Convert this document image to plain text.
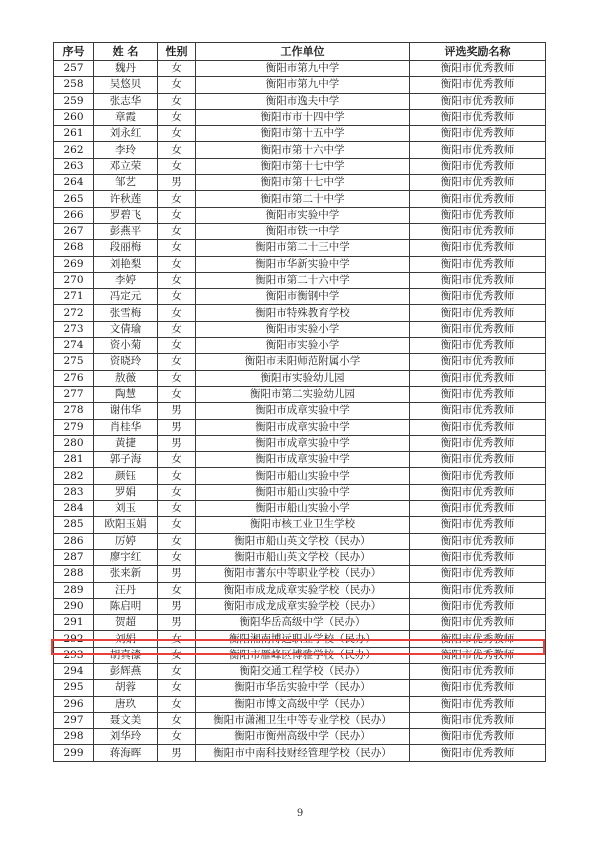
序号	姓 名	性别	工作单位	评选奖励名称
257	魏丹	女	衡阳市第九中学	衡阳市优秀教师
258	吴悠贝	女	衡阳市第九中学	衡阳市优秀教师
259	张志华	女	衡阳市逸夫中学	衡阳市优秀教师
260	章霞	女	衡阳市市十四中学	衡阳市优秀教师
261	刘永红	女	衡阳市第十五中学	衡阳市优秀教师
262	李玲	女	衡阳市第十六中学	衡阳市优秀教师
263	邓立荣	女	衡阳市第十七中学	衡阳市优秀教师
264	邹艺	男	衡阳市第十七中学	衡阳市优秀教师
265	许秋莲	女	衡阳市第二十中学	衡阳市优秀教师
266	罗碧飞	女	衡阳市实验中学	衡阳市优秀教师
267	彭燕平	女	衡阳市铁一中学	衡阳市优秀教师
268	段丽梅	女	衡阳市第二十三中学	衡阳市优秀教师
269	刘艳梨	女	衡阳市华新实验中学	衡阳市优秀教师
270	李婷	女	衡阳市第二十六中学	衡阳市优秀教师
271	冯定元	女	衡阳市衡钢中学	衡阳市优秀教师
272	张雪梅	女	衡阳市特殊教育学校	衡阳市优秀教师
273	文倩瑜	女	衡阳市实验小学	衡阳市优秀教师
274	资小菊	女	衡阳市实验小学	衡阳市优秀教师
275	资晓玲	女	衡阳市耒阳师范附属小学	衡阳市优秀教师
276	敖薇	女	衡阳市实验幼儿园	衡阳市优秀教师
277	陶慧	女	衡阳市第二实验幼儿园	衡阳市优秀教师
278	谢伟华	男	衡阳市成章实验中学	衡阳市优秀教师
279	肖桂华	男	衡阳市成章实验中学	衡阳市优秀教师
280	黄捷	男	衡阳市成章实验中学	衡阳市优秀教师
281	郭子海	女	衡阳市成章实验中学	衡阳市优秀教师
282	颜钰	女	衡阳市船山实验中学	衡阳市优秀教师
283	罗娟	女	衡阳市船山实验中学	衡阳市优秀教师
284	刘玉	女	衡阳市船山实验小学	衡阳市优秀教师
285	欧阳玉娟	女	衡阳市核工业卫生学校	衡阳市优秀教师
286	厉婷	女	衡阳市船山英文学校（民办）	衡阳市优秀教师
287	廖宇红	女	衡阳市船山英文学校（民办）	衡阳市优秀教师
288	张来新	男	衡阳市蓍东中等职业学校（民办）	衡阳市优秀教师
289	汪丹	女	衡阳市成龙成章实验学校（民办）	衡阳市优秀教师
290	陈启明	男	衡阳市成龙成章实验学校（民办）	衡阳市优秀教师
291	贺超	男	衡阳华岳高级中学（民办）	衡阳市优秀教师
292	刘娟	女	衡阳湘南博远职业学校（民办）	衡阳市优秀教师
293	胡真漆	女	衡阳市雁峰区博雅学校（民办）	衡阳市优秀教师
294	彭辉燕	女	衡阳交通工程学校（民办）	衡阳市优秀教师
295	胡蓉	女	衡阳市华岳实验中学（民办）	衡阳市优秀教师
296	唐玖	女	衡阳市博文高级中学（民办）	衡阳市优秀教师
297	聂文美	女	衡阳市潇湘卫生中等专业学校（民办）	衡阳市优秀教师
298	刘华玲	女	衡阳市衡州高级中学（民办）	衡阳市优秀教师
299	蒋海晖	男	衡阳市中南科技财经管理学校（民办）	衡阳市优秀教师
9
